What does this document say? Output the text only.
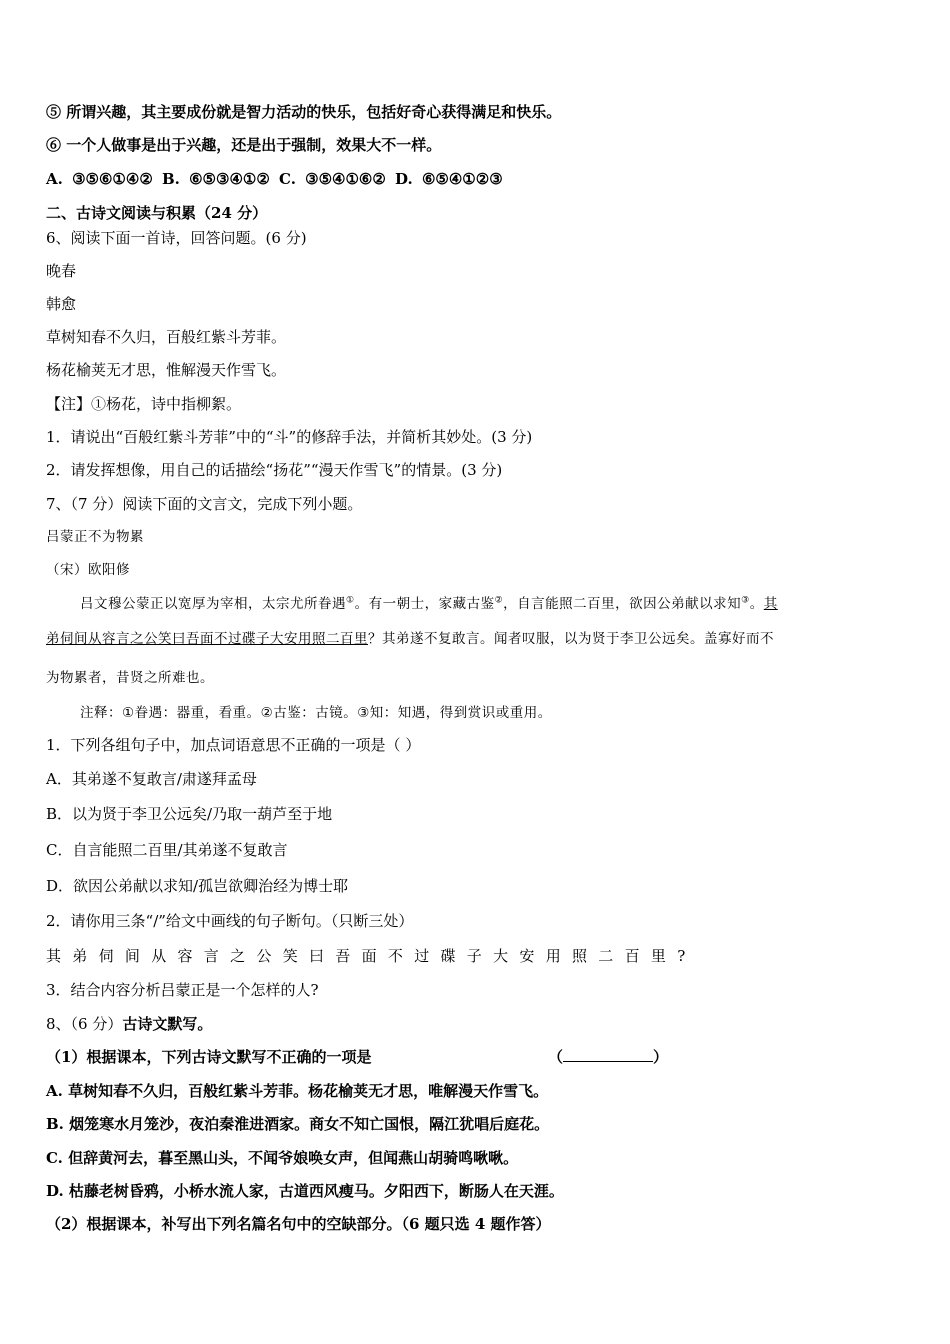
⑤ 所谓兴趣，其主要成份就是智力活动的快乐，包括好奇心获得满足和快乐。
⑥ 一个人做事是出于兴趣，还是出于强制，效果大不一样。
A. ③⑤⑥①④② B. ⑥⑤③④①② C. ③⑤④①⑥② D. ⑥⑤④①②③
二、古诗文阅读与积累（24 分）
6、阅读下面一首诗，回答问题。(6 分)
晚春
韩愈
草树知春不久归，百般红紫斗芳菲。
杨花榆荚无才思，惟解漫天作雪飞。
【注】①杨花，诗中指柳絮。
1．请说出“百般红紫斗芳菲”中的“斗”的修辞手法，并简析其妙处。(3 分)
2．请发挥想像，用自己的话描绘“扬花”“漫天作雪飞”的情景。(3 分)
7、（7 分）阅读下面的文言文，完成下列小题。
吕蒙正不为物累
（宋）欧阳修
吕文穆公蒙正以宽厚为宰相，太宗尤所眷遇①。有一朝士，家藏古鉴②，自言能照二百里，欲因公弟献以求知③。其
弟伺间从容言之公笑曰吾面不过碟子大安用照二百里？其弟遂不复敢言。闻者叹服，以为贤于李卫公远矣。盖寡好而不
为物累者，昔贤之所难也。
注释：①眷遇：器重，看重。②古鉴：古镜。③知：知遇，得到赏识或重用。
1．下列各组句子中，加点词语意思不正确的一项是（ ）
A．其弟遂不复敢言/肃遂拜孟母
B．以为贤于李卫公远矣/乃取一葫芦至于地
C．自言能照二百里/其弟遂不复敢言
D．欲因公弟献以求知/孤岂欲卿治经为博士耶
2．请你用三条“/”给文中画线的句子断句。（只断三处）
其弟伺间从容言之公笑曰吾面不过碟子大安用照二百里?
3．结合内容分析吕蒙正是一个怎样的人?
8、（6 分）古诗文默写。
（1）根据课本，下列古诗文默写不正确的一项是	（	）
A. 草树知春不久归，百般红紫斗芳菲。杨花榆荚无才思，唯解漫天作雪飞。
B. 烟笼寒水月笼沙，夜泊秦淮进酒家。商女不知亡国恨，隔江犹唱后庭花。
C. 但辞黄河去，暮至黑山头，不闻爷娘唤女声，但闻燕山胡骑鸣啾啾。
D. 枯藤老树昏鸦，小桥水流人家，古道西风瘦马。夕阳西下，断肠人在天涯。
（2）根据课本，补写出下列名篇名句中的空缺部分。（6 题只选 4 题作答）
